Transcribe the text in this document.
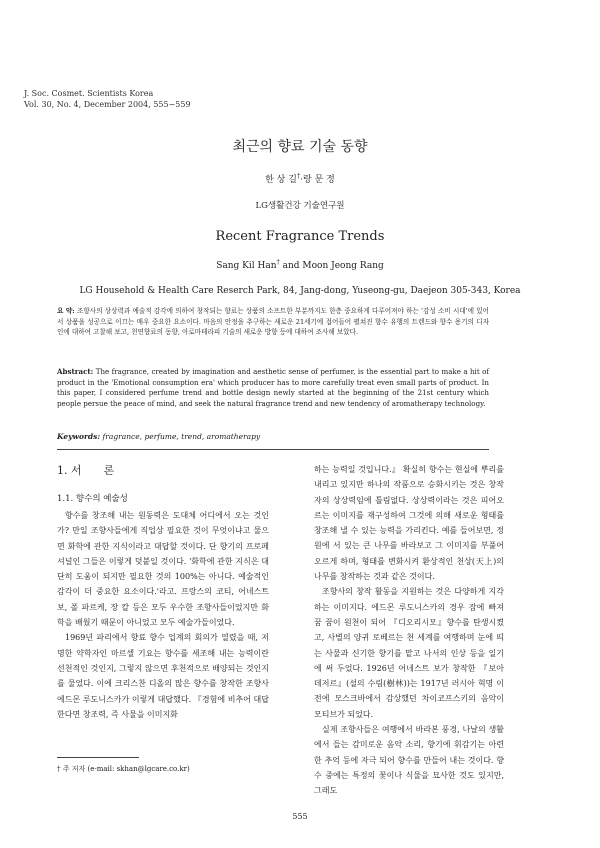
J. Soc. Cosmet. Scientists Korea
Vol. 30, No. 4, December 2004, 555~559
최근의 향료 기술 동향
한 상 길†·랑 문 정
LG생활건강 기술연구원
Recent Fragrance Trends
Sang Kil Han† and Moon Jeong Rang
LG Household & Health Care Reserch Park, 84, Jang-dong, Yuseong-gu, Daejeon 305-343, Korea
요 약: 조향사의 상상력과 예술적 감각에 의하여 창작되는 향료는 상품의 소프트한 부분까지도 한층 중요하게 다루어져야 하는 '감성 소비 시대'에 있어서 상품을 성공으로 이끄는 매우 중요한 요소이다. 마음의 안정을 추구하는 새로운 21세기에 접어들어 펼쳐진 향수 유행의 트렌드와 향수 용기의 디자인에 대하여 고찰해 보고, 천연향료의 동향, 아로마테라피 기술의 새로운 방향 등에 대하여 조사해 보았다.
Abstract: The fragrance, created by imagination and aesthetic sense of perfumer, is the essential part to make a hit of product in the 'Emotional consumption era' which producer has to more carefully treat even small parts of product. In this paper, I considered perfume trend and bottle design newly started at the beginning of the 21st century which people persue the peace of mind, and seek the natural fragrance trend and new tendency of aromatherapy technology.
Keywords: fragrance, perfume, trend, aromatherapy
1. 서　　론
1.1. 향수의 예술성
향수를 창조해 내는 원동력은 도대체 어디에서 오는 것인가? 만일 조향사들에게 직업상 필요한 것이 무엇이냐고 물으면 화학에 관한 지식이라고 대답할 것이다. 단 향기의 프로페셔널인 그들은 이렇게 덧붙일 것이다. '화학에 관한 지식은 대단히 도움이 되지만 필요한 것의 100%는 아니다. 예술적인 감각이 더 중요한 요소이다.'라고. 프랑스의 코티, 어네스트 보, 폴 파르케, 장 칼 등은 모두 우수한 조향사들이었지만 화학을 배웠기 때문이 아니었고 모두 예술가들이었다.
1969년 파리에서 향료 향수 업계의 회의가 열렸을 때, 저명한 약학자인 마르셀 기요는 향수를 세조해 내는 능력이란 선천적인 것인지, 그렇지 않으면 후천적으로 배양되는 것인지를 물었다. 이에 크리스찬 디올의 많은 향수를 창작한 조향사 에드몬 루도니스카가 이렇게 대답했다. 『경험에 비추어 대답한다면 창조력, 즉 사물을 이미지화
하는 능력일 것입니다.』 확실히 향수는 현실에 뿌리를 내리고 있지만 하나의 작품으로 승화시키는 것은 창작자의 상상력임에 틀림없다. 상상력이라는 것은 피어오르는 이미지를 재구성하여 그것에 의해 새로운 형태를 창조해 낼 수 있는 능력을 가리킨다. 예를 들어보면, 정원에 서 있는 큰 나무를 바라보고 그 이미지를 부풀어오르게 하며, 형태를 변화시켜 환상적인 천상(天上)의 나무를 창작하는 것과 같은 것이다.
조향사의 창작 활동을 지원하는 것은 다양하게 지각하는 이미지다. 에드몬 루도니스카의 경우 잠에 빠져 꿈 꿈이 원천이 되어 『디오리시모』향수를 탄생시켰고, 사별의 양귀 로베르는 천 세계를 여행하며 눈에 띄는 사물과 신기한 향기를 맡고 나서의 인상 등을 일기에 써 두었다. 1926년 어네스트 보가 창작한 『보아 데저르』(설의 수림(樹林))는 1917년 러시아 혁명 이전에 모스크바에서 감상했던 차이코프스키의 음악이 모티브가 되었다.
실제 조향사들은 여행에서 바라본 풍경, 나날의 생활에서 들는 감미로운 음악 소리, 향기에 휘감기는 아련한 추억 등에 자극 되어 향수를 만들어 내는 것이다. 향수 중에는 특정의 꽃이나 식물을 묘사한 것도 있지만, 그래도
† 주 저자 (e-mail: skhan@lgcare.co.kr)
555
